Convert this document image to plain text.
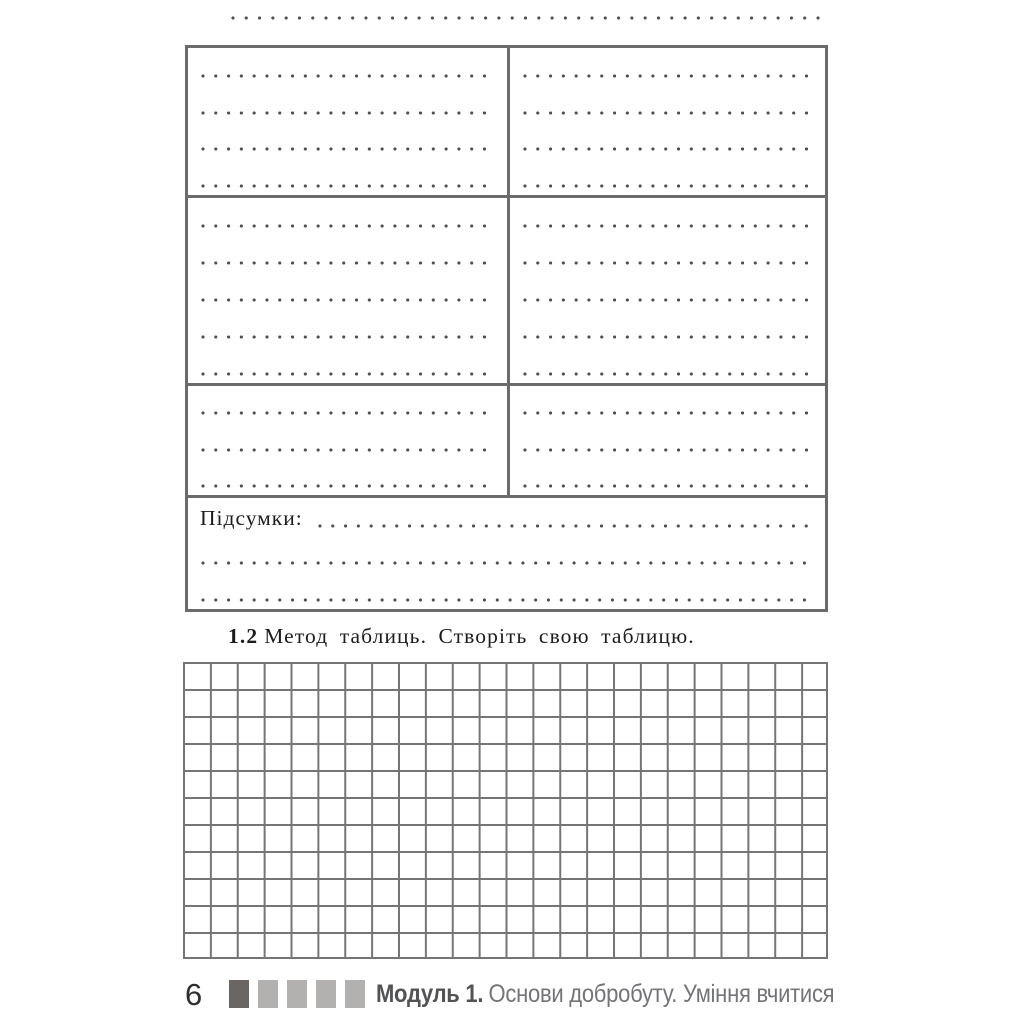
Підсумки:
1.2 Метод таблиць. Створіть свою таблицю.
6	Модуль 1. Основи добробуту. Уміння вчитися
